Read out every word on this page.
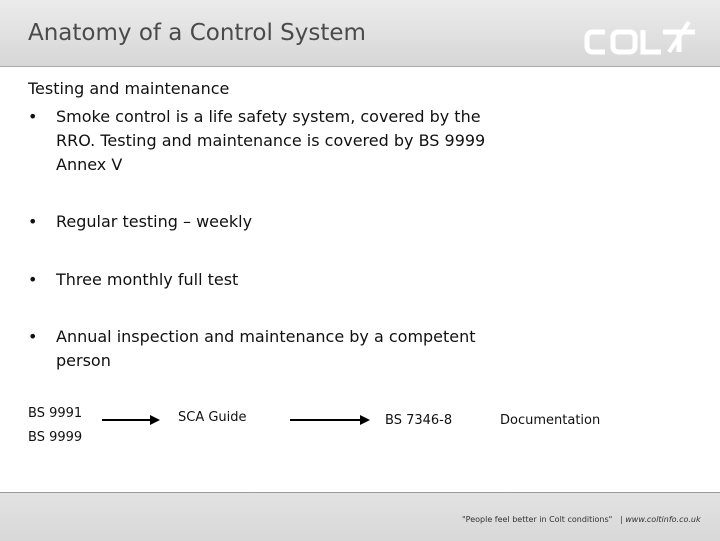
Anatomy of a Control System

Testing and maintenance

•	Smoke control is a life safety system, covered by the RRO. Testing and maintenance is covered by BS 9999 Annex V
•	Regular testing – weekly
•	Three monthly full test
•	Annual inspection and maintenance by a competent person
BS 9991
BS 9999
SCA Guide	BS 7346-8	Documentation
"People feel better in Colt conditions" | www.coltinfo.co.uk
